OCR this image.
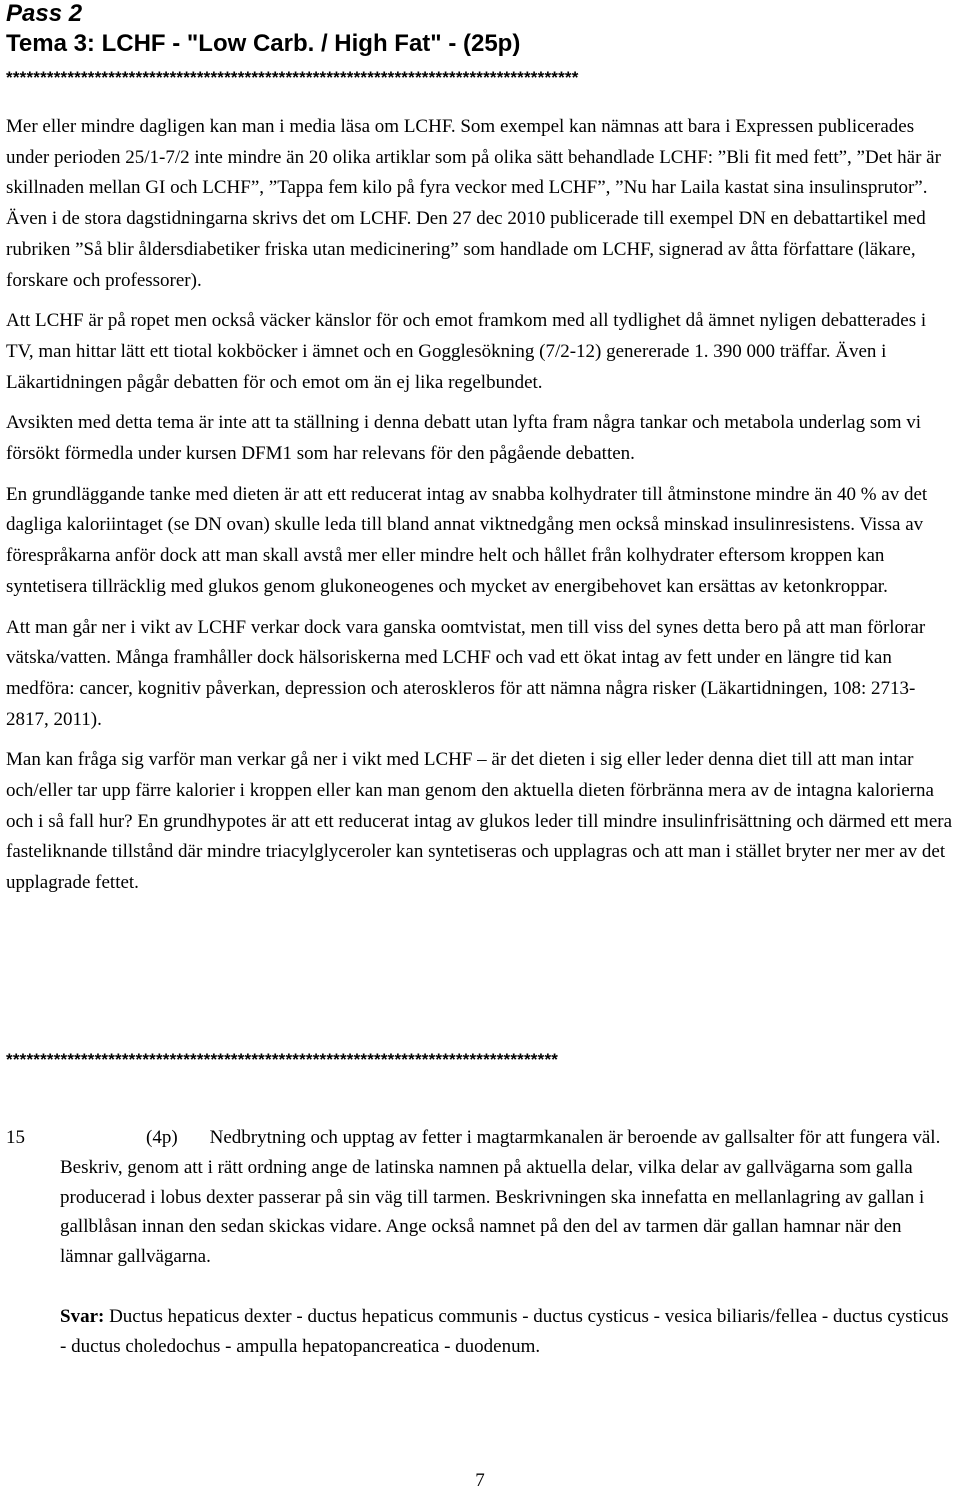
Pass 2
Tema 3: LCHF - "Low Carb. / High Fat" - (25p)
************************************************************************************

Mer eller mindre dagligen kan man i media läsa om LCHF. Som exempel kan nämnas att bara i Expressen publicerades under perioden 25/1-7/2 inte mindre än 20 olika artiklar som på olika sätt behandlade LCHF: ”Bli fit med fett”, ”Det här är skillnaden mellan GI och LCHF”, ”Tappa fem kilo på fyra veckor med LCHF”, ”Nu har Laila kastat sina insulinsprutor”. Även i de stora dagstidningarna skrivs det om LCHF. Den 27 dec 2010 publicerade till exempel DN en debattartikel med rubriken ”Så blir åldersdiabetiker friska utan medicinering” som handlade om LCHF, signerad av åtta författare (läkare, forskare och professorer).

Att LCHF är på ropet men också väcker känslor för och emot framkom med all tydlighet då ämnet nyligen debatterades i TV, man hittar lätt ett tiotal kokböcker i ämnet och en Gogglesökning (7/2-12) genererade 1. 390 000 träffar. Även i Läkartidningen pågår debatten för och emot om än ej lika regelbundet.

Avsikten med detta tema är inte att ta ställning i denna debatt utan lyfta fram några tankar och metabola underlag som vi försökt förmedla under kursen DFM1 som har relevans för den pågående debatten.

En grundläggande tanke med dieten är att ett reducerat intag av snabba kolhydrater till åtminstone mindre än 40 % av det dagliga kaloriintaget (se DN ovan) skulle leda till bland annat viktnedgång men också minskad insulinresistens. Vissa av förespråkarna anför dock att man skall avstå mer eller mindre helt och hållet från kolhydrater eftersom kroppen kan syntetisera tillräcklig med glukos genom glukoneogenes och mycket av energibehovet kan ersättas av ketonkroppar.

Att man går ner i vikt av LCHF verkar dock vara ganska oomtvistat, men till viss del synes detta bero på att man förlorar vätska/vatten. Många framhåller dock hälsoriskerna med LCHF och vad ett ökat intag av fett under en längre tid kan medföra: cancer, kognitiv påverkan, depression och ateroskleros för att nämna några risker (Läkartidningen, 108: 2713-2817, 2011).

Man kan fråga sig varför man verkar gå ner i vikt med LCHF – är det dieten i sig eller leder denna diet till att man intar och/eller tar upp färre kalorier i kroppen eller kan man genom den aktuella dieten förbränna mera av de intagna kalorierna och i så fall hur? En grundhypotes är att ett reducerat intag av glukos leder till mindre insulinfrisättning och därmed ett mera fasteliknande tillstånd där mindre triacylglyceroler kan syntetiseras och upplagras och att man i stället bryter ner mer av det upplagrade fettet.

*********************************************************************************
15	(4p) Nedbrytning och upptag av fetter i magtarmkanalen är beroende av gallsalter för att fungera väl. Beskriv, genom att i rätt ordning ange de latinska namnen på aktuella delar, vilka delar av gallvägarna som galla producerad i lobus dexter passerar på sin väg till tarmen. Beskrivningen ska innefatta en mellanlagring av gallan i gallblåsan innan den sedan skickas vidare. Ange också namnet på den del av tarmen där gallan hamnar när den lämnar gallvägarna.

Svar: Ductus hepaticus dexter - ductus hepaticus communis - ductus cysticus - vesica biliaris/fellea - ductus cysticus - ductus choledochus - ampulla hepatopancreatica - duodenum.

7
